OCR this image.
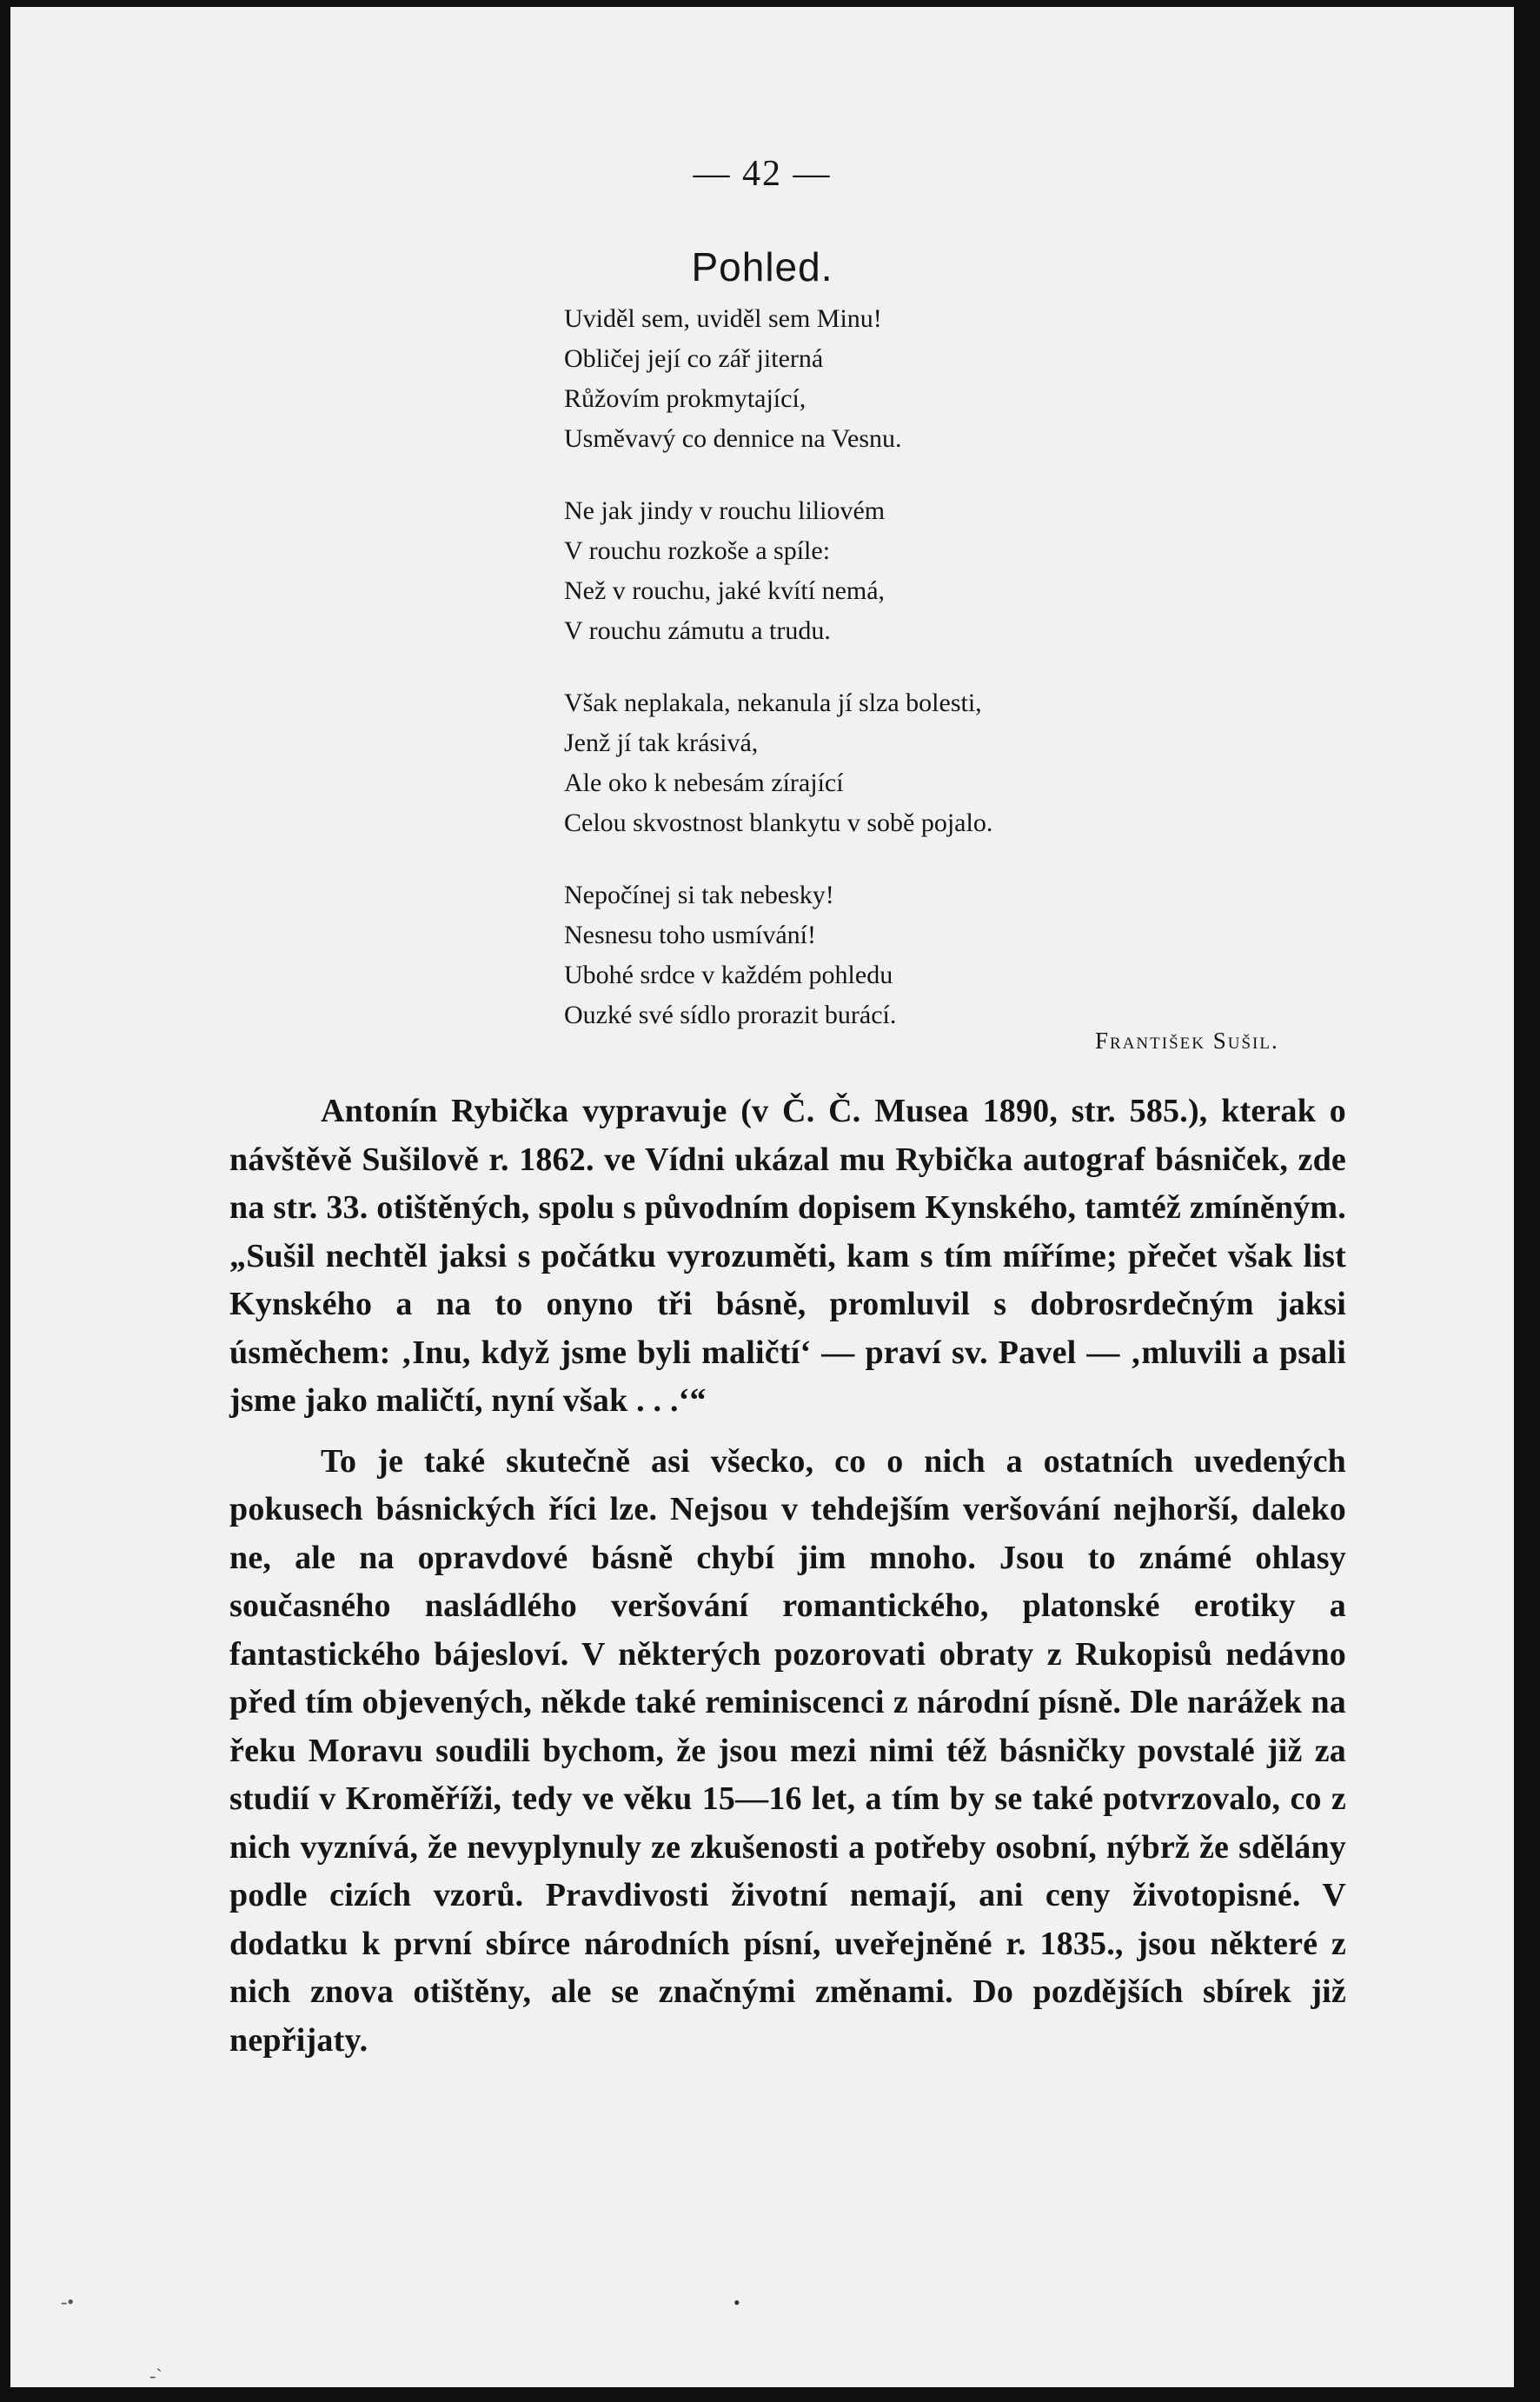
— 42 —
Pohled.
Uviděl sem, uviděl sem Minu!
Obličej její co zář jiterná
Růžovím prokmytající,
Usměvavý co dennice na Vesnu.
Ne jak jindy v rouchu liliovém
V rouchu rozkoše a spíle:
Než v rouchu, jaké kvítí nemá,
V rouchu zámutu a trudu.
Však neplakala, nekanula jí slza bolesti,
Jenž jí tak krásivá,
Ale oko k nebesám zírající
Celou skvostnost blankytu v sobě pojalo.
Nepočínej si tak nebesky!
Nesnesu toho usmívání!
Ubohé srdce v každém pohledu
Ouzké své sídlo prorazit burácí.
František Sušil.

Antonín Rybička vypravuje (v Č. Č. Musea 1890, str. 585.), kterak o návštěvě Sušilově r. 1862. ve Vídni ukázal mu Rybička autograf básniček, zde na str. 33. otištěných, spolu s původním dopisem Kynského, tamtéž zmíněným. „Sušil nechtěl jaksi s počátku vyrozuměti, kam s tím míříme; přečet však list Kynského a na to onyno tři básně, promluvil s dobrosrdečným jaksi úsměchem: ‚Inu, když jsme byli maličtí‘ — praví sv. Pavel — ‚mluvili a psali jsme jako maličtí, nyní však . . .‘“

To je také skutečně asi všecko, co o nich a ostatních uvedených pokusech básnických říci lze. Nejsou v tehdejším veršování nejhorší, daleko ne, ale na opravdové básně chybí jim mnoho. Jsou to známé ohlasy současného nasládlého veršování romantického, platonské erotiky a fantastického bájesloví. V některých pozorovati obraty z Rukopisů nedávno před tím objevených, někde také reminiscenci z národní písně. Dle narážek na řeku Moravu soudili bychom, že jsou mezi nimi též básničky povstalé již za studií v Kroměříži, tedy ve věku 15—16 let, a tím by se také potvrzovalo, co z nich vyznívá, že nevyplynuly ze zkušenosti a potřeby osobní, nýbrž že sdělány podle cizích vzorů. Pravdivosti životní nemají, ani ceny životopisné. V dodatku k první sbírce národních písní, uveřejněné r. 1835., jsou některé z nich znova otištěny, ale se značnými změnami. Do pozdějších sbírek již nepřijaty.

-•	•
-`
